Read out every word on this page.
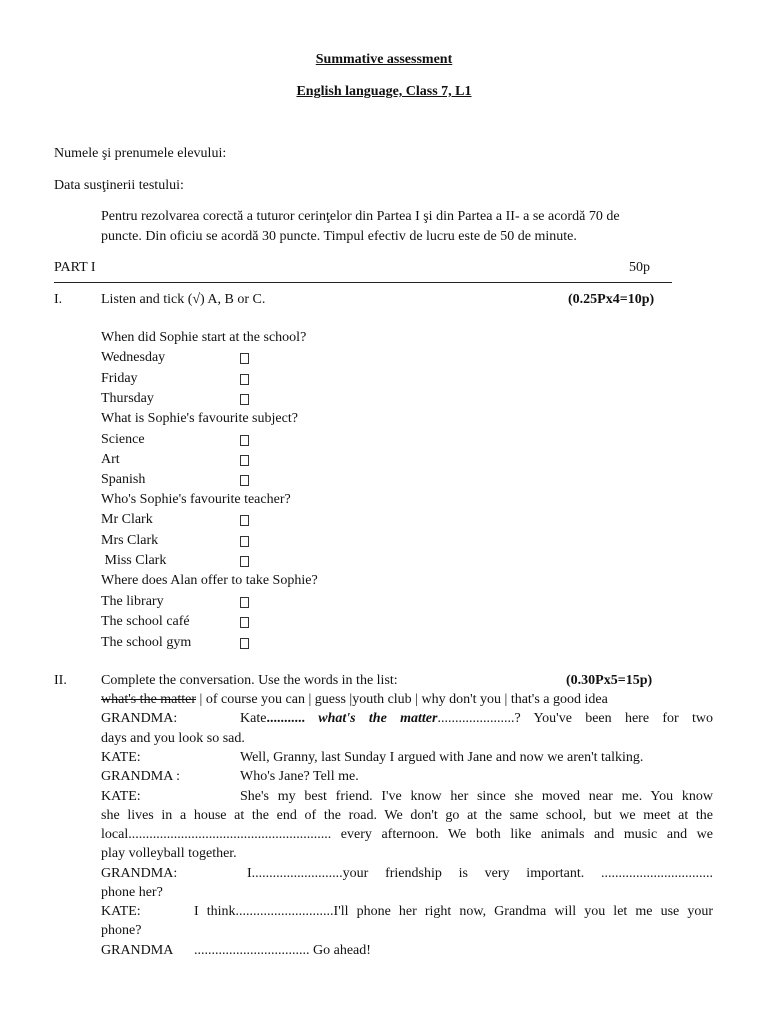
Summative assessment
English language, Class 7, L1
Numele şi prenumele elevului:
Data susţinerii testului:
Pentru rezolvarea corectă a tuturor cerinţelor din Partea I şi din Partea a II- a se acordă 70 de
puncte. Din oficiu se acordă 30 puncte. Timpul efectiv de lucru este de 50 de minute.
PART I	50p
I.	Listen and tick (√) A, B or C.	(0.25Px4=10p)
When did Sophie start at the school?
Wednesday
Friday
Thursday
What is Sophie's favourite subject?
Science
Art
Spanish
Who's Sophie's favourite teacher?
Mr Clark
Mrs Clark
Miss Clark
Where does Alan offer to take Sophie?
The library
The school café
The school gym
II. Complete the conversation. Use the words in the list:	(0.30Px5=15p)
what's the matter | of course you can | guess |youth club | why don't you | that's a good idea
GRANDMA:	Kate........... what's the matter......................? You've been here for two
days and you look so sad.
KATE:	Well, Granny, last Sunday I argued with Jane and now we aren't talking.
GRANDMA :	Who's Jane? Tell me.
KATE:	She's my best friend. I've know her since she moved near me. You know
she lives in a house at the end of the road. We don't go at the same school, but we meet at the
local.......................................................... every afternoon. We both like animals and music and we
play volleyball together.
GRANDMA:	I..........................your friendship is very important. ................................
phone her?
KATE:	I think............................I'll phone her right now, Grandma will you let me use your
phone?
GRANDMA ................................. Go ahead!
